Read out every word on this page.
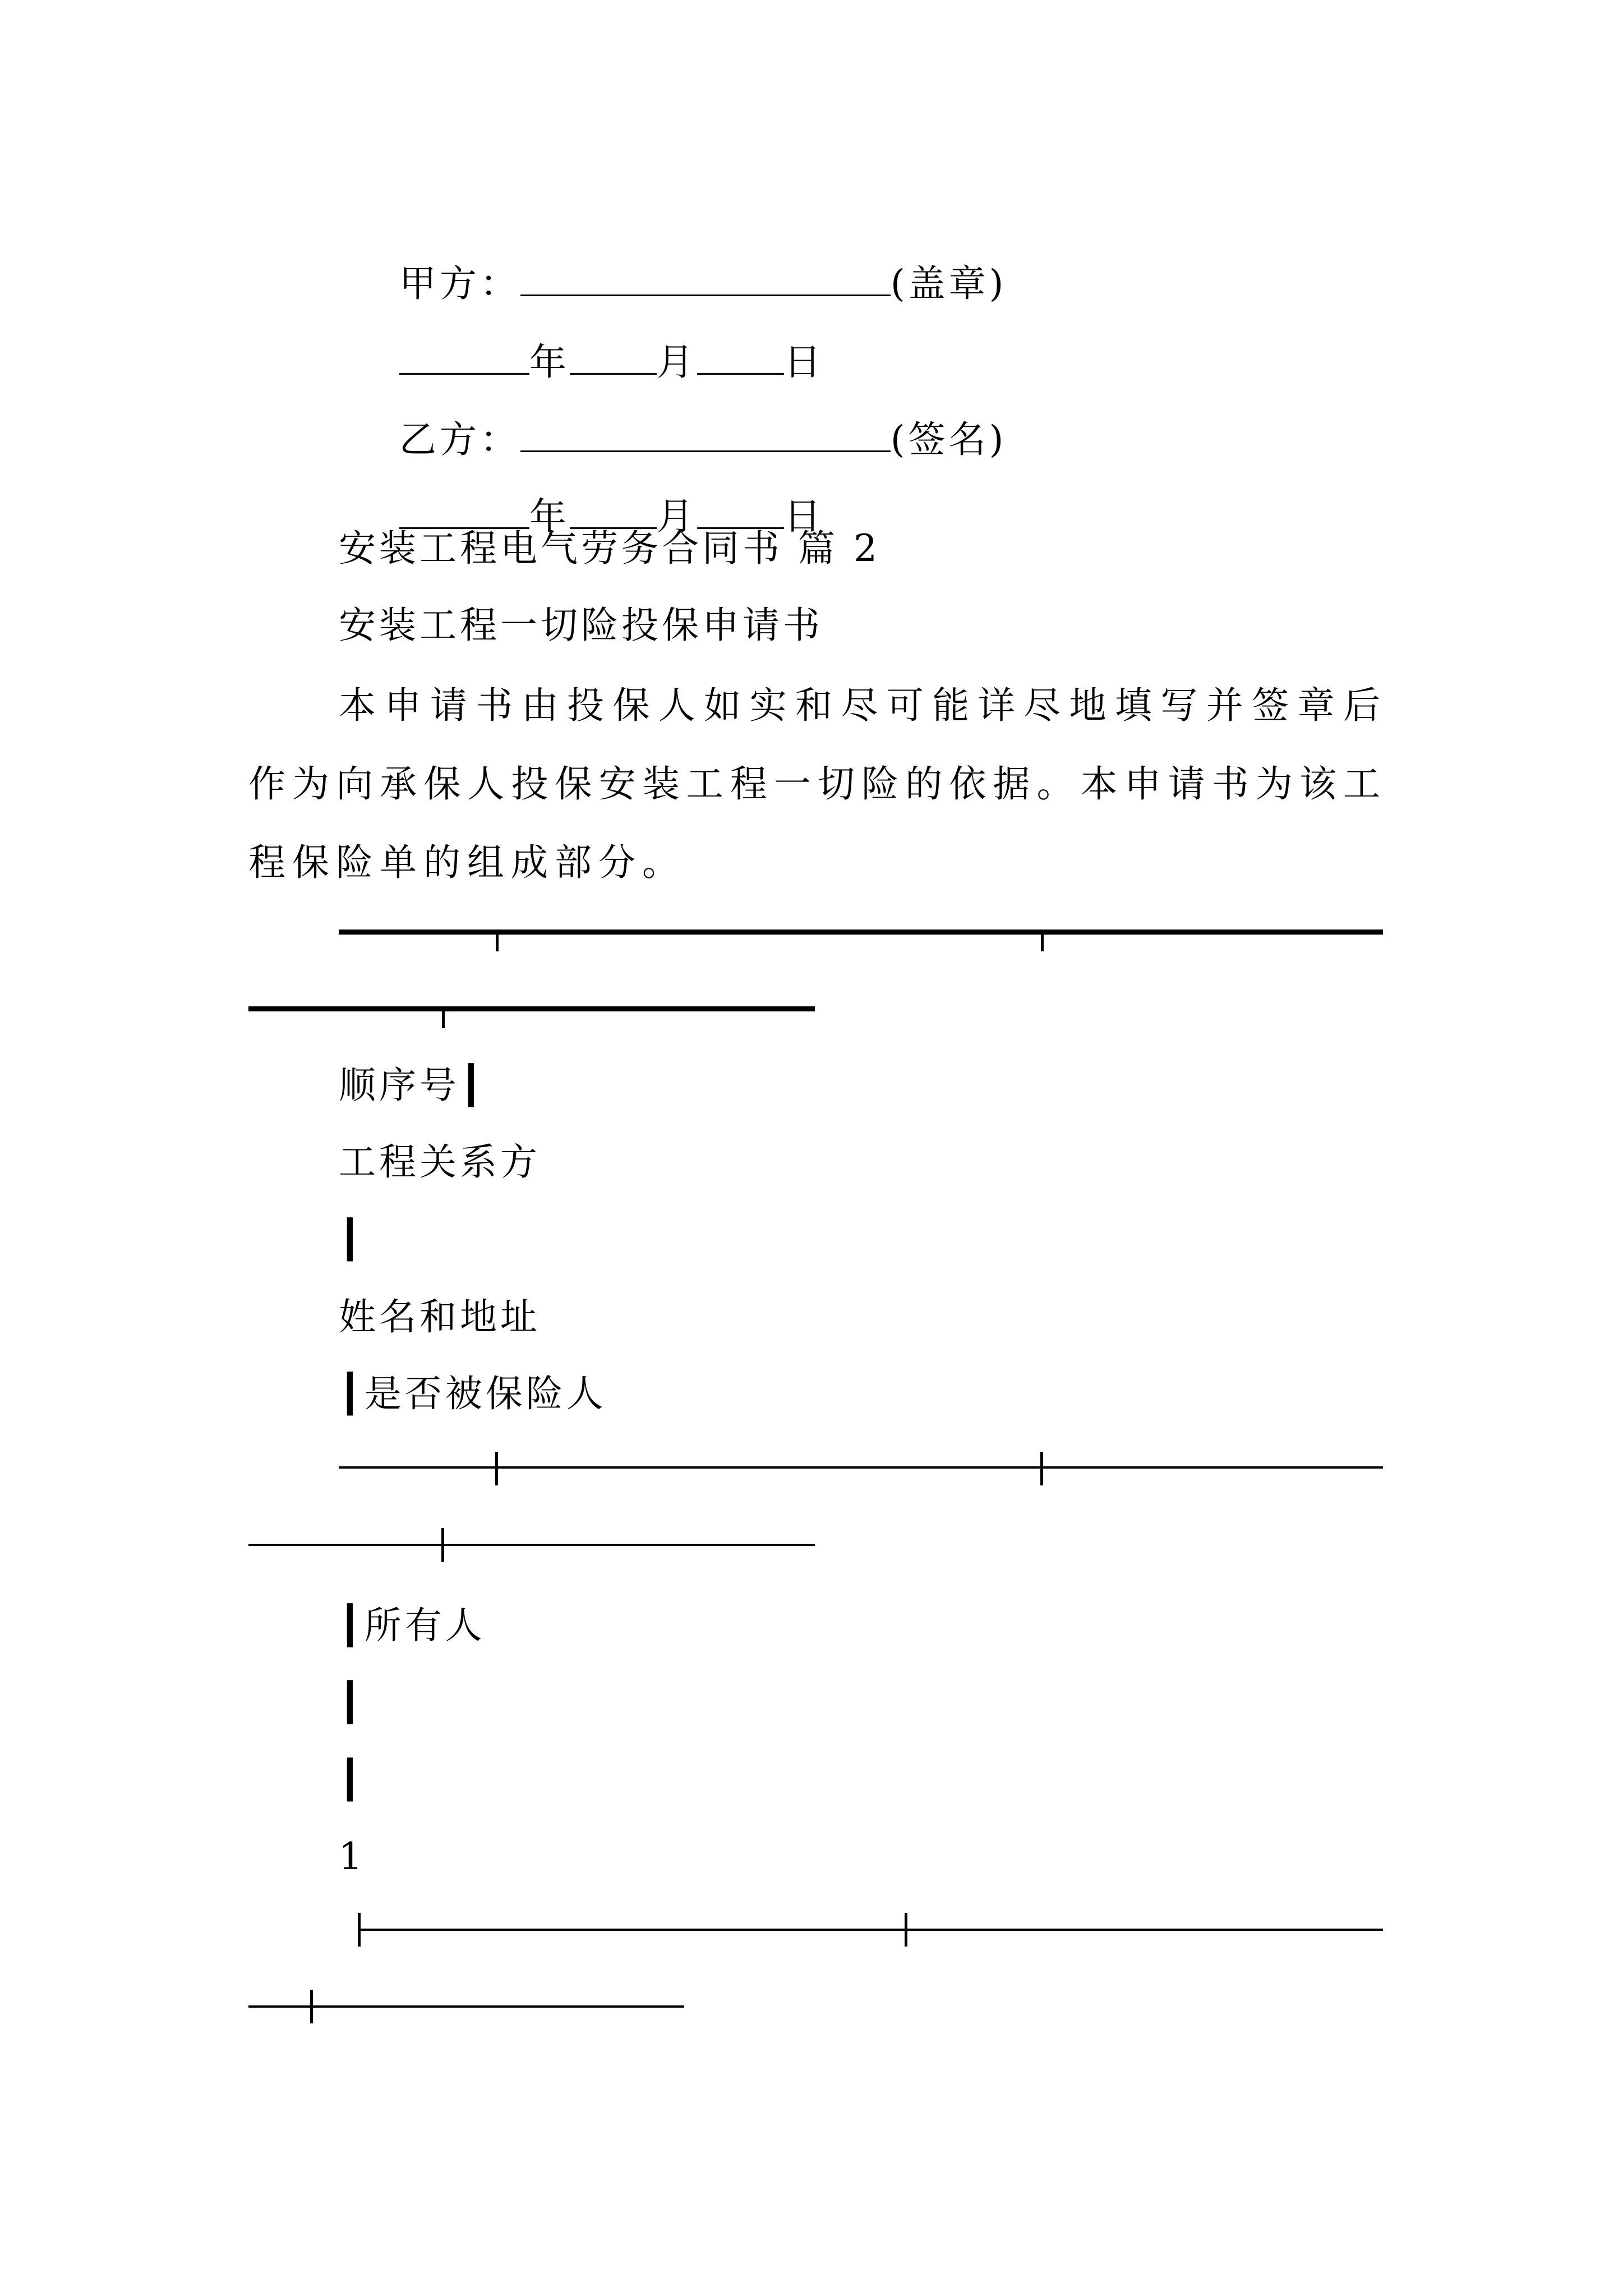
甲方：	(盖章)

年 月 日

乙方：	(签名)

年 月 日

安装工程电气劳务合同书 篇 2
安装工程一切险投保申请书
本申请书由投保人如实和尽可能详尽地填写并签章后作为向承保人投保安装工程一切险的依据。本申请书为该工程保险单的组成部分。
顺序号┃
工程关系方
┃
姓名和地址
┃是否被保险人
┃所有人
┃
┃
1
